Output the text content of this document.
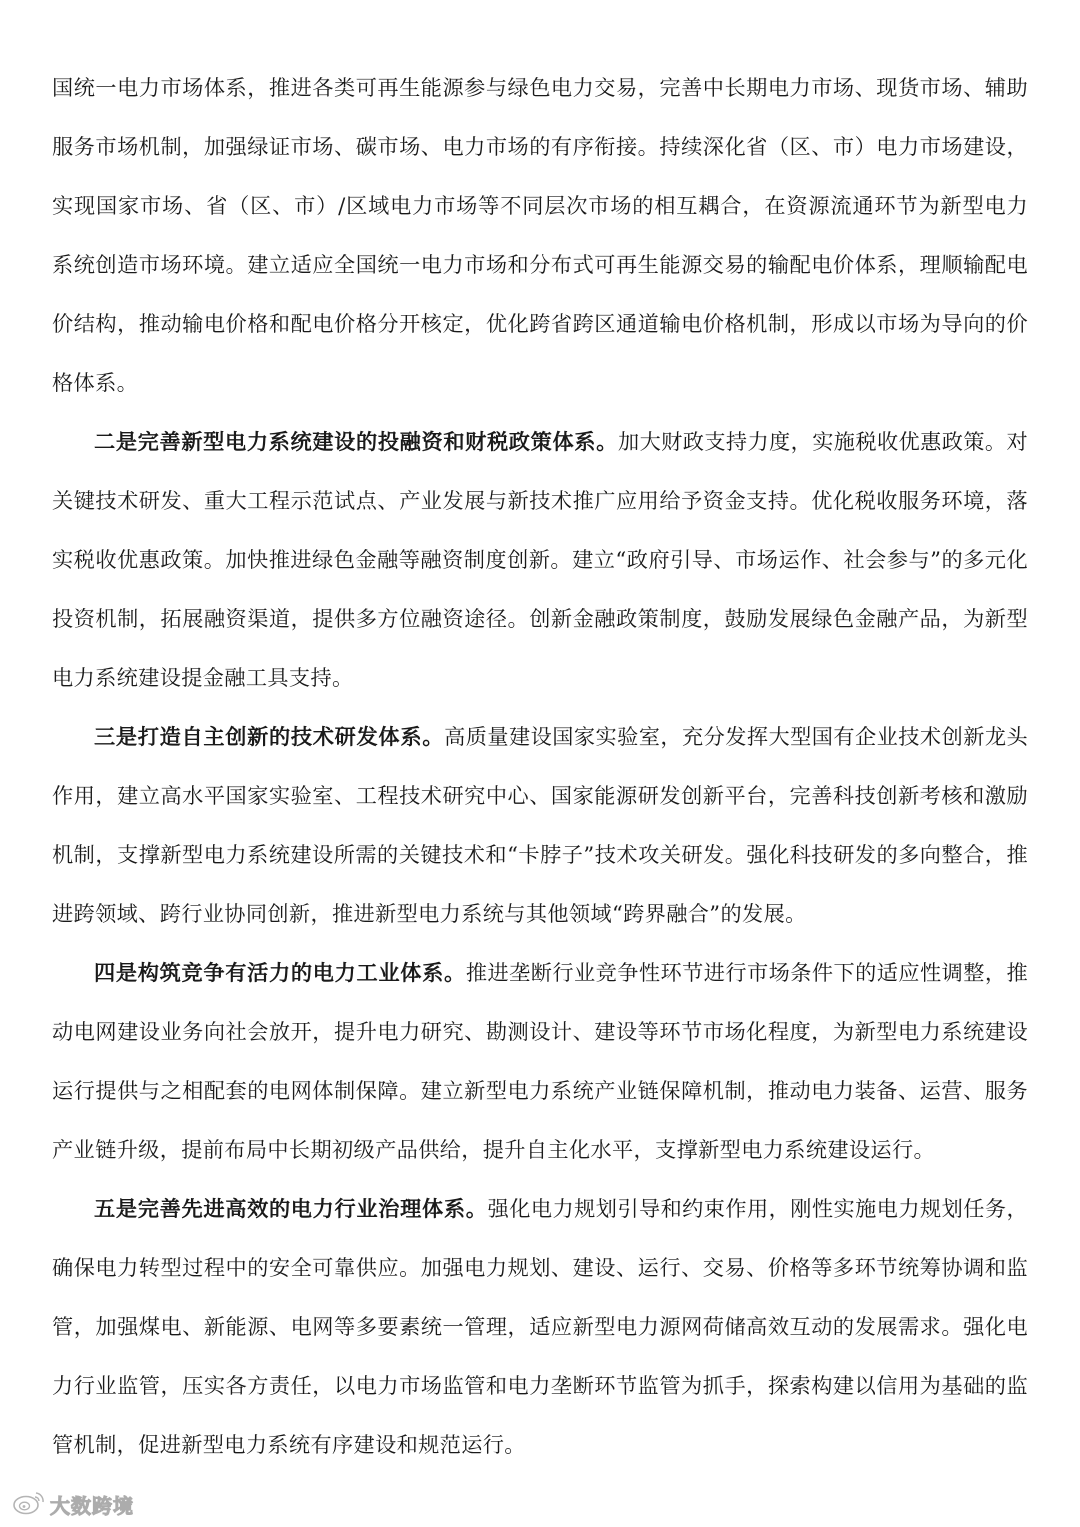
国统一电力市场体系，推进各类可再生能源参与绿色电力交易，完善中长期电力市场、现货市场、辅助服务市场机制，加强绿证市场、碳市场、电力市场的有序衔接。持续深化省（区、市）电力市场建设，实现国家市场、省（区、市）/区域电力市场等不同层次市场的相互耦合，在资源流通环节为新型电力系统创造市场环境。建立适应全国统一电力市场和分布式可再生能源交易的输配电价体系，理顺输配电价结构，推动输电价格和配电价格分开核定，优化跨省跨区通道输电价格机制，形成以市场为导向的价格体系。

二是完善新型电力系统建设的投融资和财税政策体系。加大财政支持力度，实施税收优惠政策。对关键技术研发、重大工程示范试点、产业发展与新技术推广应用给予资金支持。优化税收服务环境，落实税收优惠政策。加快推进绿色金融等融资制度创新。建立“政府引导、市场运作、社会参与”的多元化投资机制，拓展融资渠道，提供多方位融资途径。创新金融政策制度，鼓励发展绿色金融产品，为新型电力系统建设提金融工具支持。

三是打造自主创新的技术研发体系。高质量建设国家实验室，充分发挥大型国有企业技术创新龙头作用，建立高水平国家实验室、工程技术研究中心、国家能源研发创新平台，完善科技创新考核和激励机制，支撑新型电力系统建设所需的关键技术和“卡脖子”技术攻关研发。强化科技研发的多向整合，推进跨领域、跨行业协同创新，推进新型电力系统与其他领域“跨界融合”的发展。

四是构筑竞争有活力的电力工业体系。推进垄断行业竞争性环节进行市场条件下的适应性调整，推动电网建设业务向社会放开，提升电力研究、勘测设计、建设等环节市场化程度，为新型电力系统建设运行提供与之相配套的电网体制保障。建立新型电力系统产业链保障机制，推动电力装备、运营、服务产业链升级，提前布局中长期初级产品供给，提升自主化水平，支撑新型电力系统建设运行。

五是完善先进高效的电力行业治理体系。强化电力规划引导和约束作用，刚性实施电力规划任务，确保电力转型过程中的安全可靠供应。加强电力规划、建设、运行、交易、价格等多环节统筹协调和监管，加强煤电、新能源、电网等多要素统一管理，适应新型电力源网荷储高效互动的发展需求。强化电力行业监管，压实各方责任，以电力市场监管和电力垄断环节监管为抓手，探索构建以信用为基础的监管机制，促进新型电力系统有序建设和规范运行。

大数跨境
